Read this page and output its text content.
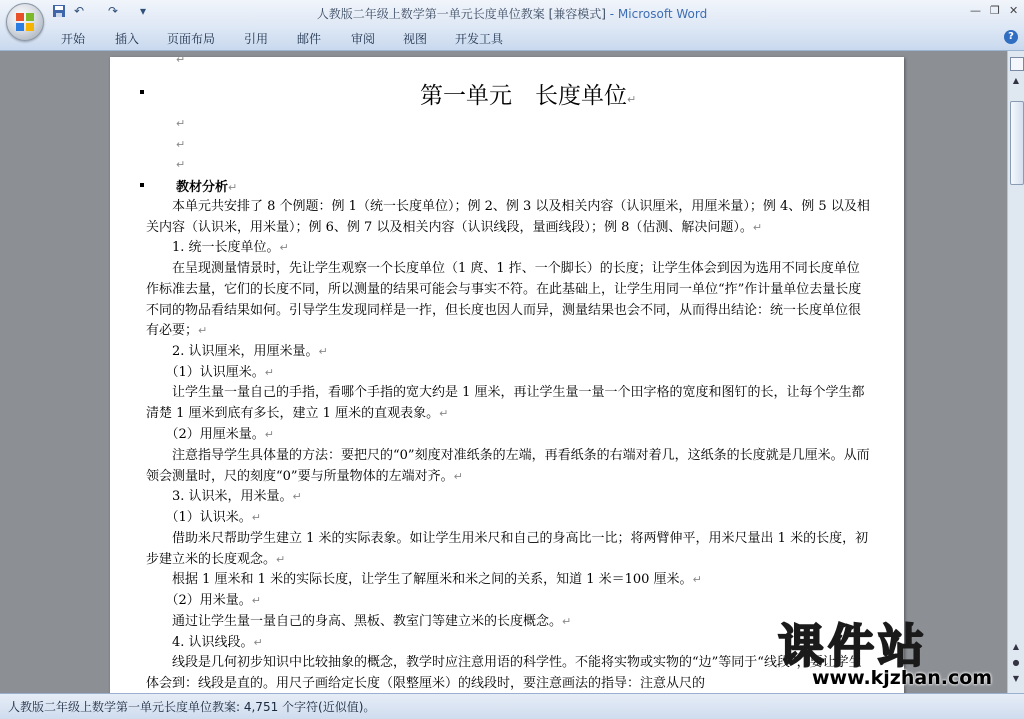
↶ ↷ ▾	人教版二年级上数学第一单元长度单位教案 [兼容模式] - Microsoft Word	— ❐ ✕
开始 插入 页面布局 引用 邮件 审阅 视图 开发工具	?
↵
第一单元　长度单位↵
↵
↵
↵
教材分析↵
　　本单元共安排了 8 个例题：例 1（统一长度单位）；例 2、例 3 以及相关内容（认识厘米，用厘米量）；例 4、例 5 以及相关内容（认识米，用米量）；例 6、例 7 以及相关内容（认识线段，量画线段）；例 8（估测、解决问题）。↵
　　1. 统一长度单位。↵
　　在呈现测量情景时，先让学生观察一个长度单位（1 庹、1 拃、一个脚长）的长度；让学生体会到因为选用不同长度单位作标准去量，它们的长度不同，所以测量的结果可能会与事实不符。在此基础上，让学生用同一单位“拃”作计量单位去量长度不同的物品看结果如何。引导学生发现同样是一拃，但长度也因人而异，测量结果也会不同，从而得出结论：统一长度单位很有必要；↵
　　2. 认识厘米，用厘米量。↵
　　（1）认识厘米。↵
　　让学生量一量自己的手指，看哪个手指的宽大约是 1 厘米，再让学生量一量一个田字格的宽度和图钉的长，让每个学生都清楚 1 厘米到底有多长，建立 1 厘米的直观表象。↵
　　（2）用厘米量。↵
　　注意指导学生具体量的方法：要把尺的“0”刻度对准纸条的左端，再看纸条的右端对着几，这纸条的长度就是几厘米。从而领会测量时，尺的刻度“0”要与所量物体的左端对齐。↵
　　3. 认识米，用米量。↵
　　（1）认识米。↵
　　借助米尺帮助学生建立 1 米的实际表象。如让学生用米尺和自己的身高比一比；将两臂伸平，用米尺量出 1 米的长度，初步建立米的长度观念。↵
　　根据 1 厘米和 1 米的实际长度，让学生了解厘米和米之间的关系，知道 1 米＝100 厘米。↵
　　（2）用米量。↵
　　通过让学生量一量自己的身高、黑板、教室门等建立米的长度概念。↵
　　4. 认识线段。↵
　　线段是几何初步知识中比较抽象的概念，教学时应注意用语的科学性。不能将实物或实物的“边”等同于“线段”，要让学生体会到：线段是直的。用尺子画给定长度（限整厘米）的线段时，要注意画法的指导：注意从尺的
▲
▲
●
▼
课件站
www.kjzhan.com
人教版二年级上数学第一单元长度单位教案: 4,751 个字符(近似值)。
